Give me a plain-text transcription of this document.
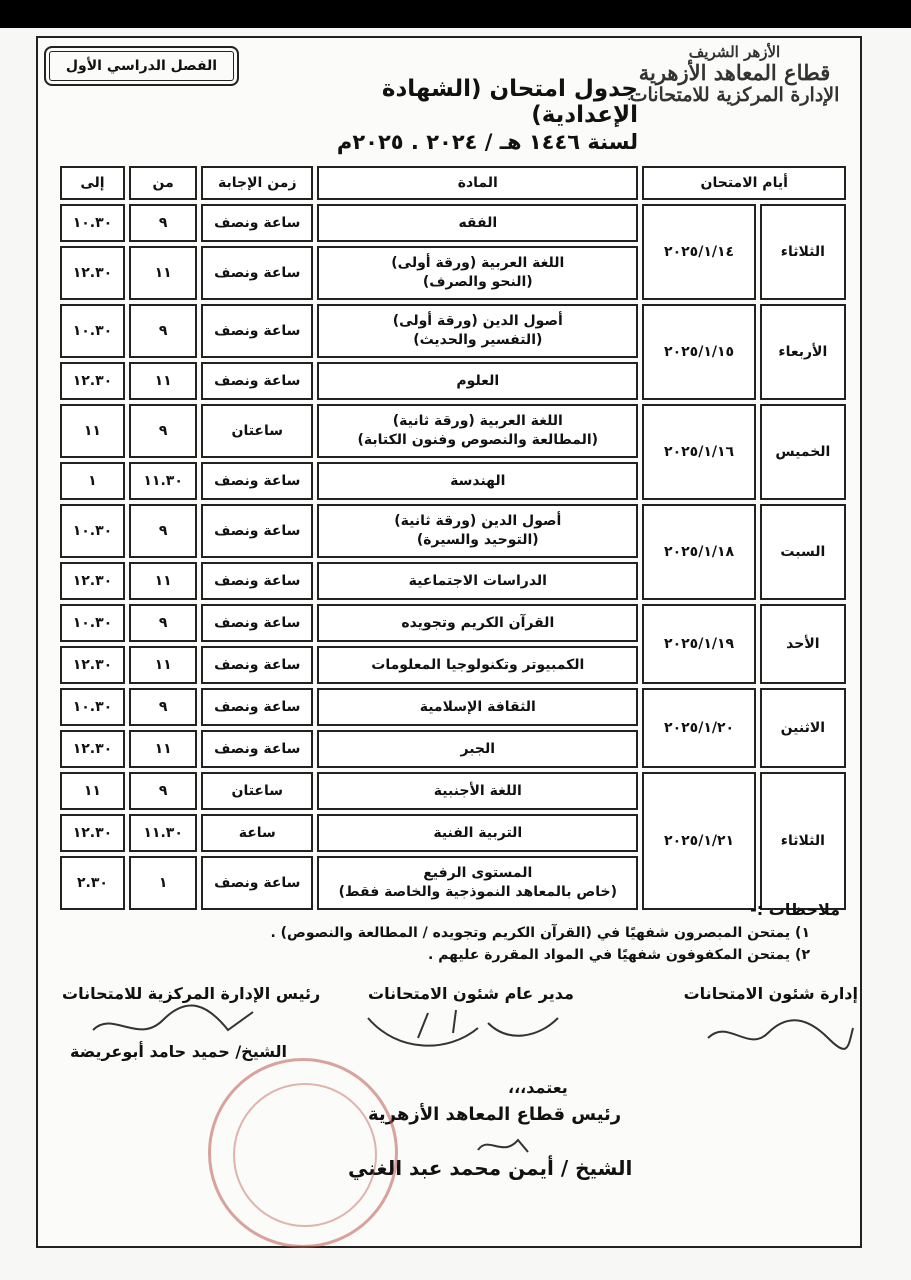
الأزهر الشريف
قطاع المعاهد الأزهرية
الإدارة المركزية للامتحانات
جدول امتحان (الشهادة الإعدادية)
لسنة ١٤٤٦ هـ / ٢٠٢٤ . ٢٠٢٥م
الفصل الدراسي الأول
أيام الامتحان		المادة	زمن الإجابة	من	إلى
الثلاثاء	٢٠٢٥/١/١٤	الفقه	ساعة ونصف	٩	١٠.٣٠

		اللغة العربية (ورقة أولى)
(النحو والصرف)	ساعة ونصف	١١	١٢.٣٠
الأربعاء	٢٠٢٥/١/١٥	أصول الدين (ورقة أولى)
(التفسير والحديث)	ساعة ونصف	٩	١٠.٣٠

		العلوم	ساعة ونصف	١١	١٢.٣٠
الخميس	٢٠٢٥/١/١٦	اللغة العربية (ورقة ثانية)
(المطالعة والنصوص وفنون الكتابة)	ساعتان	٩	١١

		الهندسة	ساعة ونصف	١١.٣٠	١
السبت	٢٠٢٥/١/١٨	أصول الدين (ورقة ثانية)
(التوحيد والسيرة)	ساعة ونصف	٩	١٠.٣٠

		الدراسات الاجتماعية	ساعة ونصف	١١	١٢.٣٠
الأحد	٢٠٢٥/١/١٩	القرآن الكريم وتجويده	ساعة ونصف	٩	١٠.٣٠

		الكمبيوتر وتكنولوجيا المعلومات	ساعة ونصف	١١	١٢.٣٠
الاثنين	٢٠٢٥/١/٢٠	الثقافة الإسلامية	ساعة ونصف	٩	١٠.٣٠

		الجبر	ساعة ونصف	١١	١٢.٣٠
الثلاثاء	٢٠٢٥/١/٢١	اللغة الأجنبية	ساعتان	٩	١١

		التربية الفنية	ساعة	١١.٣٠	١٢.٣٠

		المستوى الرفيع
(خاص بالمعاهد النموذجية والخاصة فقط)	ساعة ونصف	١	٢.٣٠
ملاحظات :-
١) يمتحن المبصرون شفهيًا في (القرآن الكريم وتجويده / المطالعة والنصوص) .
٢) يمتحن المكفوفون شفهيًا في المواد المقررة عليهم .
إدارة شئون الامتحانات
مدير عام شئون الامتحانات
رئيس الإدارة المركزية للامتحانات
الشيخ/ حميد حامد أبوعريضة
يعتمد،،،
رئيس قطاع المعاهد الأزهرية
الشيخ / أيمن محمد عبد الغني
